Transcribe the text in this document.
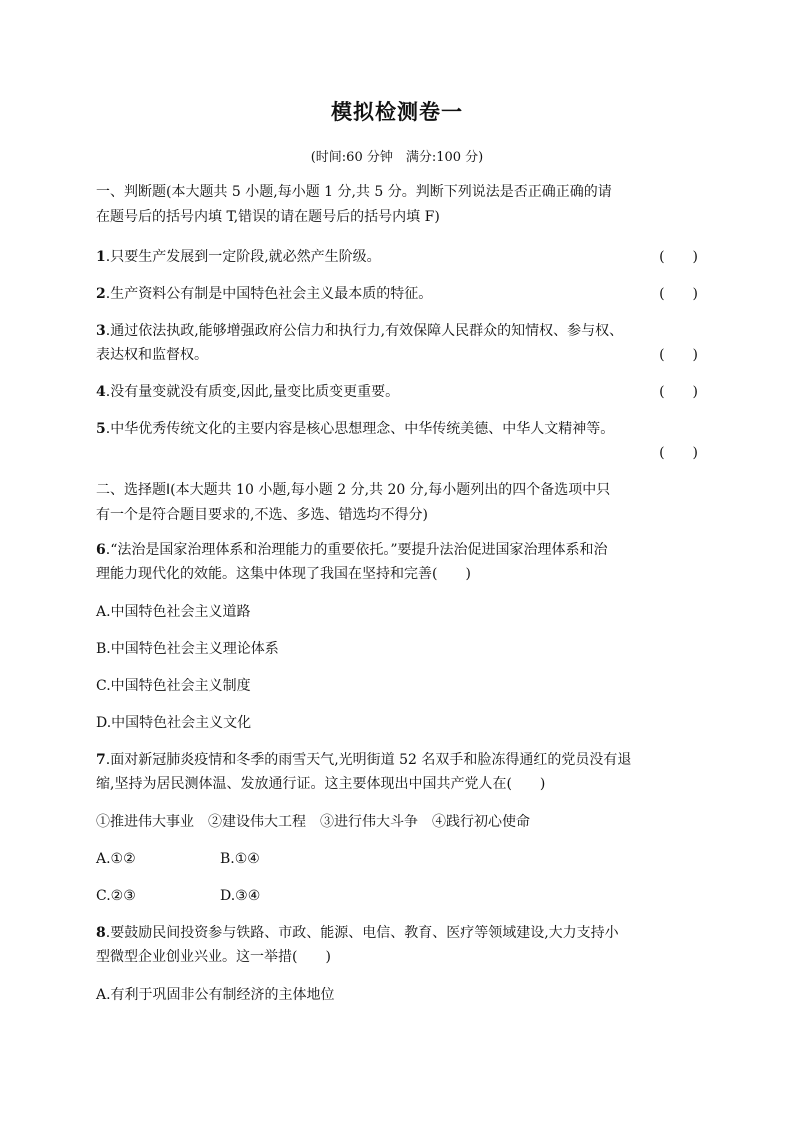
模拟检测卷一
(时间:60 分钟　满分:100 分)
一、判断题(本大题共 5 小题,每小题 1 分,共 5 分。判断下列说法是否正确正确的请
在题号后的括号内填 T,错误的请在题号后的括号内填 F)
1.只要生产发展到一定阶段,就必然产生阶级。	(　　)
2.生产资料公有制是中国特色社会主义最本质的特征。	(　　)
3.通过依法执政,能够增强政府公信力和执行力,有效保障人民群众的知情权、参与权、
表达权和监督权。	(　　)
4.没有量变就没有质变,因此,量变比质变更重要。	(　　)
5.中华优秀传统文化的主要内容是核心思想理念、中华传统美德、中华人文精神等。
(　　)
二、选择题Ⅰ(本大题共 10 小题,每小题 2 分,共 20 分,每小题列出的四个备选项中只
有一个是符合题目要求的,不选、多选、错选均不得分)
6.“法治是国家治理体系和治理能力的重要依托。”要提升法治促进国家治理体系和治
理能力现代化的效能。这集中体现了我国在坚持和完善(　　)
A.中国特色社会主义道路
B.中国特色社会主义理论体系
C.中国特色社会主义制度
D.中国特色社会主义文化
7.面对新冠肺炎疫情和冬季的雨雪天气,光明街道 52 名双手和脸冻得通红的党员没有退
缩,坚持为居民测体温、发放通行证。这主要体现出中国共产党人在(　　)
①推进伟大事业　②建设伟大工程　③进行伟大斗争　④践行初心使命
A.①②	B.①④
C.②③	D.③④
8.要鼓励民间投资参与铁路、市政、能源、电信、教育、医疗等领域建设,大力支持小
型微型企业创业兴业。这一举措(　　)
A.有利于巩固非公有制经济的主体地位
